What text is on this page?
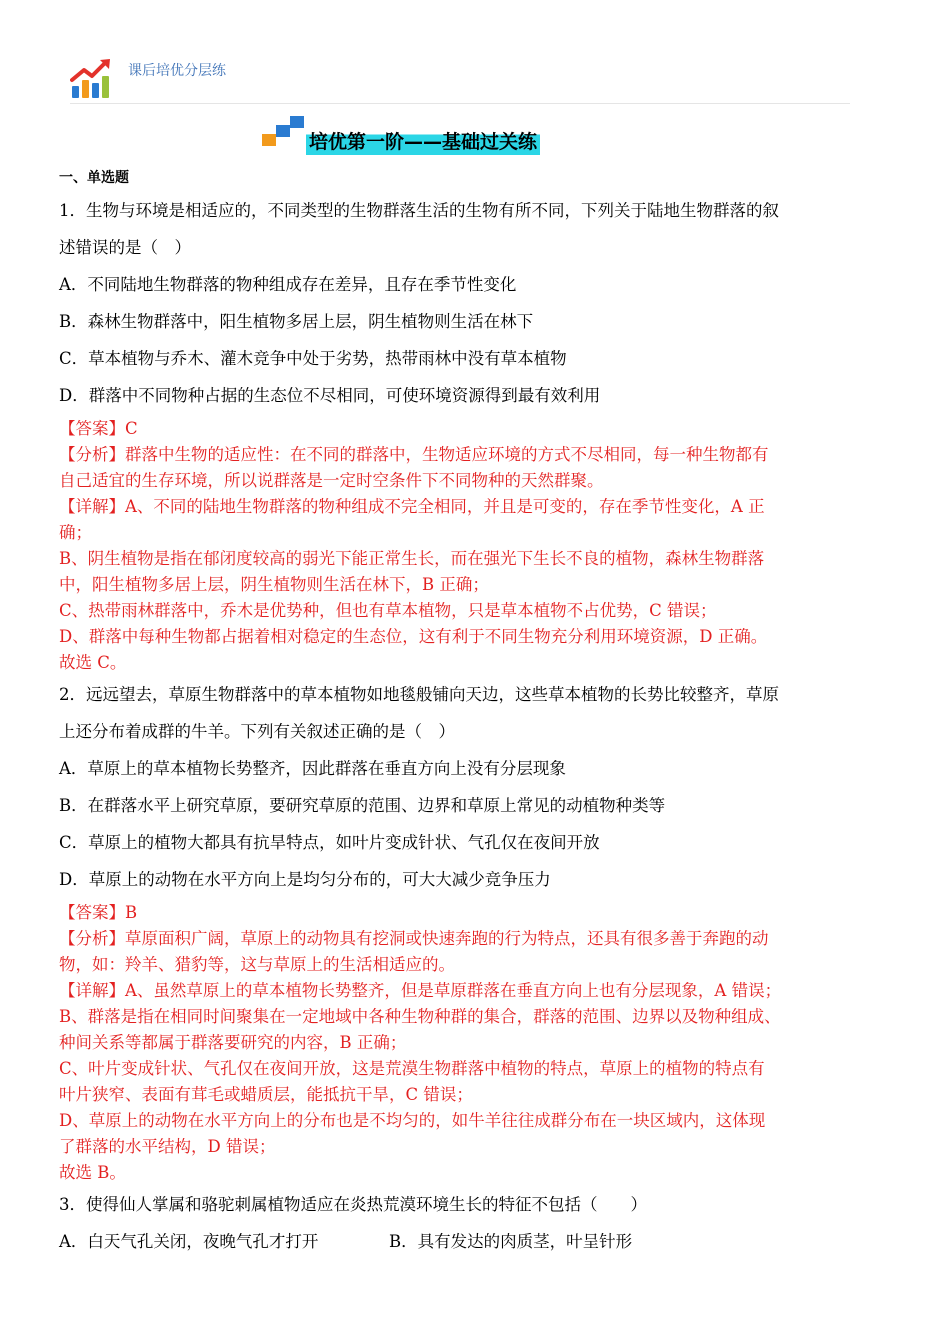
课后培优分层练
培优第一阶——基础过关练
一、单选题

1．生物与环境是相适应的，不同类型的生物群落生活的生物有所不同，下列关于陆地生物群落的叙

述错误的是（　）

A．不同陆地生物群落的物种组成存在差异，且存在季节性变化

B．森林生物群落中，阳生植物多居上层，阴生植物则生活在林下

C．草本植物与乔木、灌木竞争中处于劣势，热带雨林中没有草本植物

D．群落中不同物种占据的生态位不尽相同，可使环境资源得到最有效利用

【答案】C

【分析】群落中生物的适应性：在不同的群落中，生物适应环境的方式不尽相同，每一种生物都有

自己适宜的生存环境，所以说群落是一定时空条件下不同物种的天然群聚。

【详解】A、不同的陆地生物群落的物种组成不完全相同，并且是可变的，存在季节性变化，A 正

确；

B、阴生植物是指在郁闭度较高的弱光下能正常生长，而在强光下生长不良的植物，森林生物群落

中，阳生植物多居上层，阴生植物则生活在林下，B 正确；

C、热带雨林群落中，乔木是优势种，但也有草本植物，只是草本植物不占优势，C 错误；

D、群落中每种生物都占据着相对稳定的生态位，这有利于不同生物充分利用环境资源，D 正确。

故选 C。

2．远远望去，草原生物群落中的草本植物如地毯般铺向天边，这些草本植物的长势比较整齐，草原

上还分布着成群的牛羊。下列有关叙述正确的是（　）

A．草原上的草本植物长势整齐，因此群落在垂直方向上没有分层现象

B．在群落水平上研究草原，要研究草原的范围、边界和草原上常见的动植物种类等

C．草原上的植物大都具有抗旱特点，如叶片变成针状、气孔仅在夜间开放

D．草原上的动物在水平方向上是均匀分布的，可大大减少竞争压力

【答案】B

【分析】草原面积广阔，草原上的动物具有挖洞或快速奔跑的行为特点，还具有很多善于奔跑的动

物，如：羚羊、猎豹等，这与草原上的生活相适应的。

【详解】A、虽然草原上的草本植物长势整齐，但是草原群落在垂直方向上也有分层现象，A 错误；

B、群落是指在相同时间聚集在一定地域中各种生物种群的集合，群落的范围、边界以及物种组成、

种间关系等都属于群落要研究的内容，B 正确；

C、叶片变成针状、气孔仅在夜间开放，这是荒漠生物群落中植物的特点，草原上的植物的特点有

叶片狭窄、表面有茸毛或蜡质层，能抵抗干旱，C 错误；

D、草原上的动物在水平方向上的分布也是不均匀的，如牛羊往往成群分布在一块区域内，这体现

了群落的水平结构，D 错误；

故选 B。

3．使得仙人掌属和骆驼刺属植物适应在炎热荒漠环境生长的特征不包括（　　）

A．白天气孔关闭，夜晚气孔才打开	B．具有发达的肉质茎，叶呈针形
